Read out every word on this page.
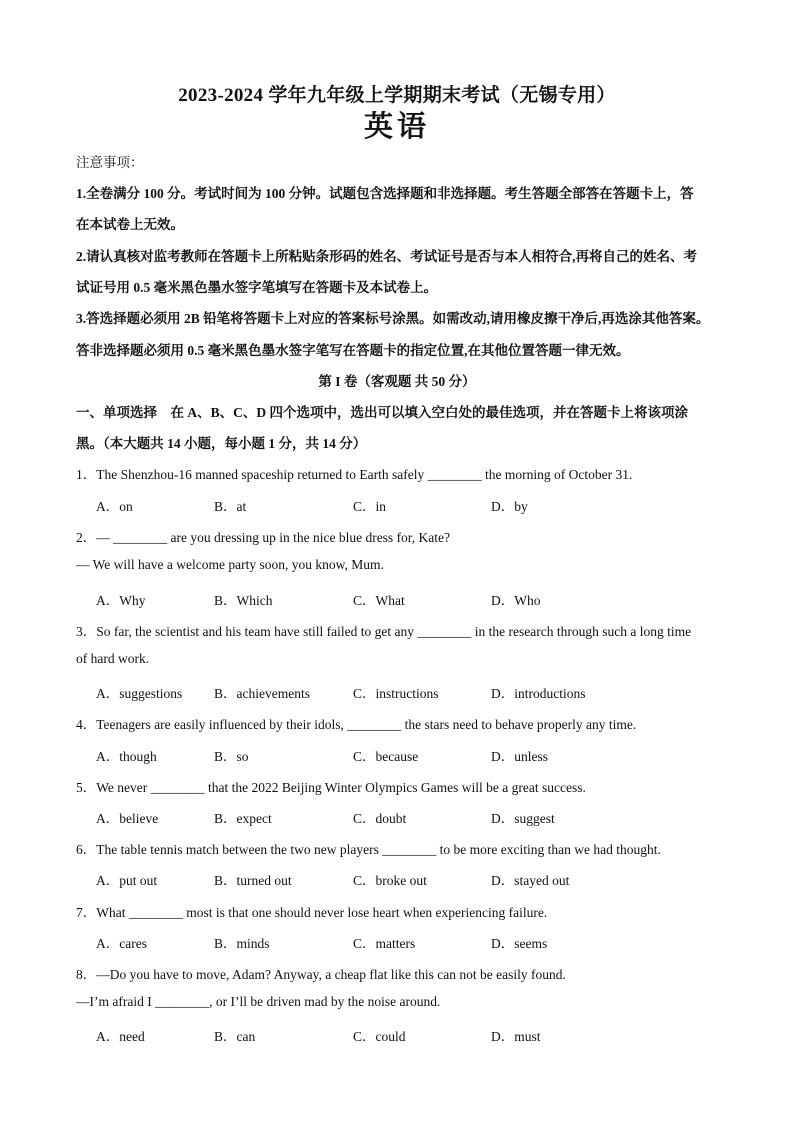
2023-2024 学年九年级上学期期末考试（无锡专用）
英语
注意事项：
1.全卷满分 100 分。考试时间为 100 分钟。试题包含选择题和非选择题。考生答题全部答在答题卡上，答
在本试卷上无效。
2.请认真核对监考教师在答题卡上所粘贴条形码的姓名、考试证号是否与本人相符合,再将自己的姓名、考
试证号用 0.5 毫米黑色墨水签字笔填写在答题卡及本试卷上。
3.答选择题必须用 2B 铅笔将答题卡上对应的答案标号涂黑。如需改动,请用橡皮擦干净后,再选涂其他答案。
答非选择题必须用 0.5 毫米黑色墨水签字笔写在答题卡的指定位置,在其他位置答题一律无效。
第 I 卷（客观题 共 50 分）
一、单项选择　在 A、B、C、D 四个选项中，选出可以填入空白处的最佳选项，并在答题卡上将该项涂
黑。（本大题共 14 小题，每小题 1 分，共 14 分）
1．The Shenzhou-16 manned spaceship returned to Earth safely ________ the morning of October 31.
A．on	B．at	C．in	D．by
2．— ________ are you dressing up in the nice blue dress for, Kate?
— We will have a welcome party soon, you know, Mum.
A．Why	B．Which	C．What	D．Who
3．So far, the scientist and his team have still failed to get any ________ in the research through such a long time
of hard work.
A．suggestions B．achievements	C．instructions	D．introductions
4．Teenagers are easily influenced by their idols, ________ the stars need to behave properly any time.
A．though	B．so	C．because	D．unless
5．We never ________ that the 2022 Beijing Winter Olympics Games will be a great success.
A．believe	B．expect	C．doubt	D．suggest
6．The table tennis match between the two new players ________ to be more exciting than we had thought.
A．put out	B．turned out	C．broke out	D．stayed out
7．What ________ most is that one should never lose heart when experiencing failure.
A．cares	B．minds	C．matters	D．seems
8．—Do you have to move, Adam? Anyway, a cheap flat like this can not be easily found.
—I’m afraid I ________, or I’ll be driven mad by the noise around.
A．need	B．can	C．could	D．must
